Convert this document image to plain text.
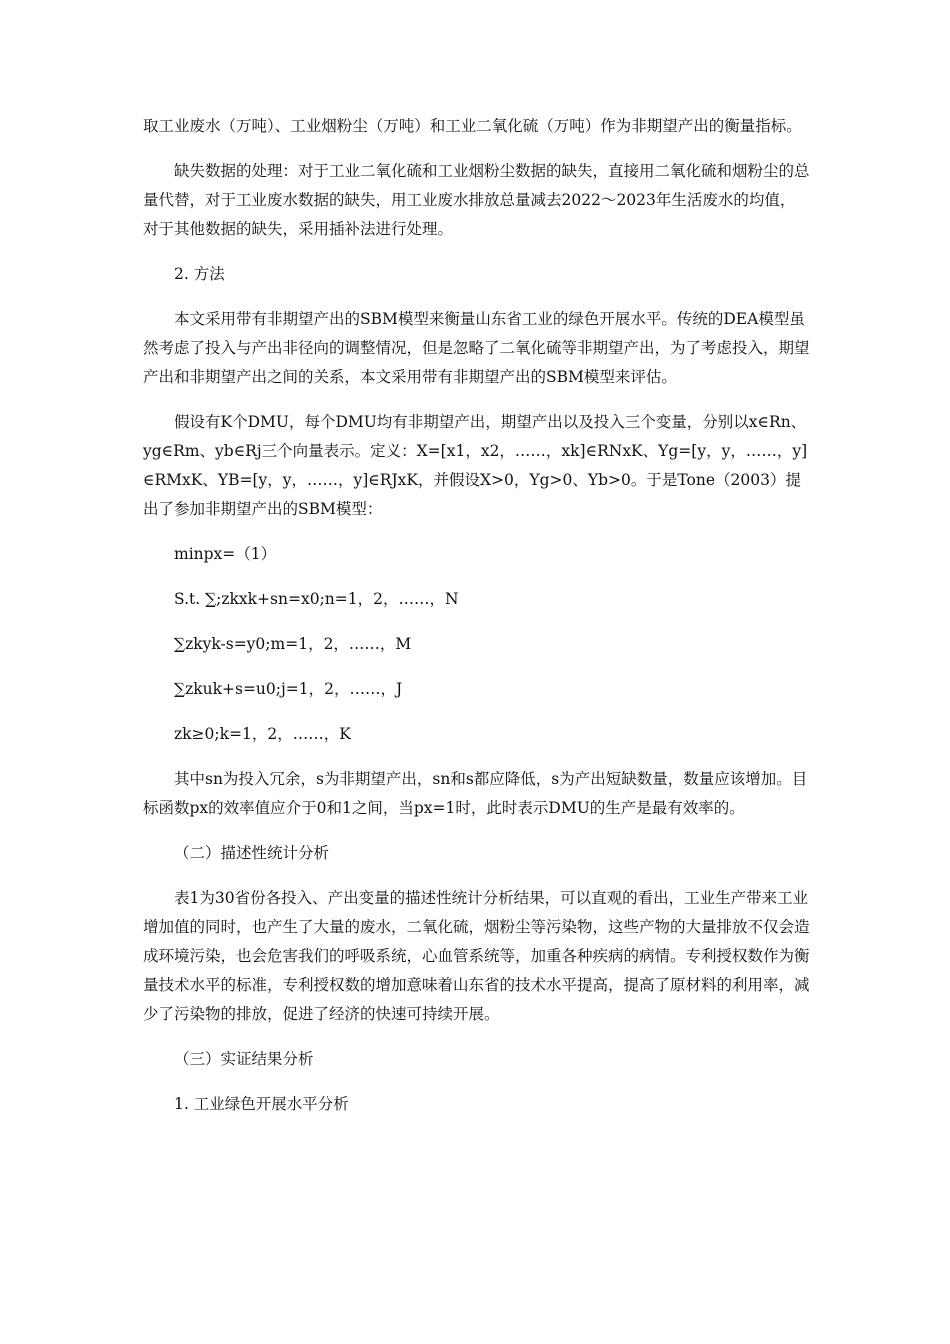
取工业废水（万吨）、工业烟粉尘（万吨）和工业二氧化硫（万吨）作为非期望产出的衡量指标。

缺失数据的处理：对于工业二氧化硫和工业烟粉尘数据的缺失，直接用二氧化硫和烟粉尘的总量代替，对于工业废水数据的缺失，用工业废水排放总量减去2022～2023年生活废水的均值，对于其他数据的缺失，采用插补法进行处理。

2. 方法

本文采用带有非期望产出的SBM模型来衡量山东省工业的绿色开展水平。传统的DEA模型虽然考虑了投入与产出非径向的调整情况，但是忽略了二氧化硫等非期望产出，为了考虑投入，期望产出和非期望产出之间的关系，本文采用带有非期望产出的SBM模型来评估。

假设有K个DMU，每个DMU均有非期望产出，期望产出以及投入三个变量，分别以x∈Rn、yg∈Rm、yb∈Rj三个向量表示。定义：X=[x1，x2，……，xk]∈RNxK、Yg=[y，y，……，y]∈RMxK、YB=[y，y，……，y]∈RJxK，并假设X>0，Yg>0、Yb>0。于是Tone（2003）提出了参加非期望产出的SBM模型：

minpx=（1）

S.t. ∑;zkxk+sn=x0;n=1，2，……，N

∑zkyk-s=y0;m=1，2，……，M

∑zkuk+s=u0;j=1，2，……，J

zk≥0;k=1，2，……，K

其中sn为投入冗余，s为非期望产出，sn和s都应降低，s为产出短缺数量，数量应该增加。目标函数px的效率值应介于0和1之间，当px=1时，此时表示DMU的生产是最有效率的。

（二）描述性统计分析

表1为30省份各投入、产出变量的描述性统计分析结果，可以直观的看出，工业生产带来工业增加值的同时，也产生了大量的废水，二氧化硫，烟粉尘等污染物，这些产物的大量排放不仅会造成环境污染，也会危害我们的呼吸系统，心血管系统等，加重各种疾病的病情。专利授权数作为衡量技术水平的标准，专利授权数的增加意味着山东省的技术水平提高，提高了原材料的利用率，减少了污染物的排放，促进了经济的快速可持续开展。

（三）实证结果分析

1. 工业绿色开展水平分析
